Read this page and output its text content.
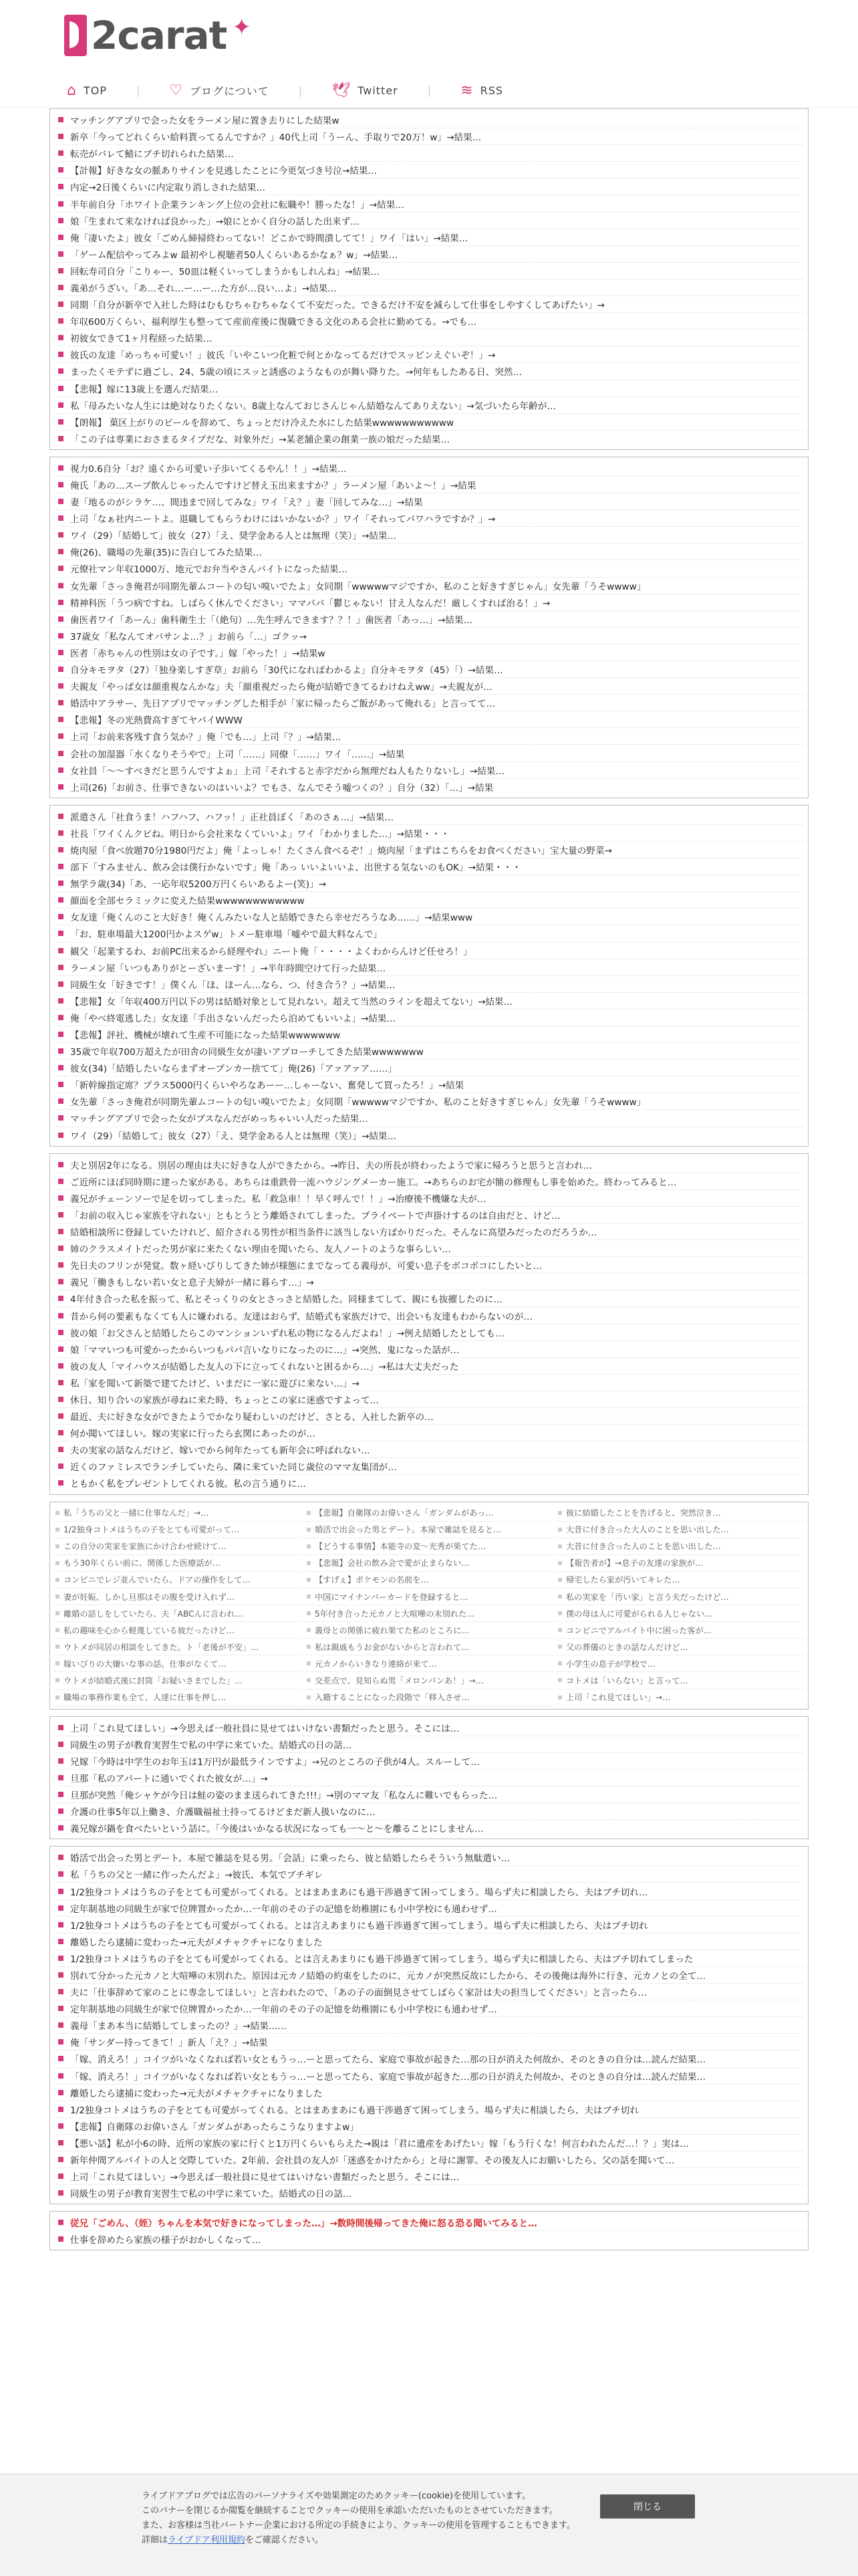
2carat ✦
⌂ TOP	| ♡ ブログについて	| 🕊 Twitter	| ≋ RSS
マッチングアプリで会った女をラーメン屋に置き去りにした結果w
新卒「今ってどれくらい給料貰ってるんですか？」40代上司「うーん、手取りで20万！w」→結果…
転売がバレて鯖にブチ切れられた結果…
【計報】好きな女の脈ありサインを見逃したことに今更気づき号泣→結果…
内定→2日後くらいに内定取り消しされた結果…
半年前自分「ホワイト企業ランキング上位の会社に転職や！勝ったな！」→結果…
娘「生まれて来なければ良かった」→娘にとかく自分の話した出来ず…
俺「凄いたよ」彼女「ごめん締掃終わってない！どこかで時間潰してて！」ワイ「はい」→結果…
「ゲーム配信やってみよw 最初やし視聴者50人くらいあるかなぁ？w」→結果…
回転寿司自分「こりゃー、50皿は軽くいってしまうかもしれんね」→結果…
義弟がうざい。「あ…それ…ー…ー…た方が…良い…よ」→結果…
同期「自分が新卒で入社した時はむもむちゃむちゃなくて不安だった。できるだけ不安を減らして仕事をしやすくしてあげたい」→
年収600万くらい、福利厚生も整ってて産前産後に復職できる文化のある会社に勤めてる。→でも…
初彼女できて1ヶ月程経った結果…
彼氏の友達「めっちゃ可愛い！」彼氏「いやこいつ化粧で何とかなってるだけでスッピンえぐいぞ！」→
まったくモテずに過ごし、24、5歳の頃にスッと誘惑のようなものが舞い降りた。→何年もしたある日、突然…
【悲報】嫁に13歳上を選んだ結果…
私「母みたいな人生には絶対なりたくない。8歳上なんておじさんじゃん結婚なんてありえない」→気づいたら年齢が…
【朗報】 菓区上がりのビールを辞めて、ちょっとだけ冷えた水にした結果wwwwwwwwwww
「この子は専業におさまるタイプだな、対象外だ」→某老舗企業の創業一族の娘だった結果…
視力0.6自分「お？遠くから可愛い子歩いてくるやん！！」→結果…
俺氏「あの…スープ飲んじゃったんですけど替え玉出来ますか？」ラーメン屋「あいよ～！」→結果
妻「地るのがシラケ…、間违まで回してみな」ワイ「え？」妻「回してみな…」→結果
上司「なぁ社内ニートよ。退職してもらうわけにはいかないか？」ワイ「それってパワハラですか？」→
ワイ（29）「結婚して」彼女（27）「え、奨学金ある人とは無理（笑）」→結果…
俺(26)、職場の先輩(35)に告白してみた結果…
元僚社マン年収1000万、地元でお弁当やさんバイトになった結果…
女先輩「さっき俺君が同期先輩ムコートの匂い嗅いでたよ」女同期「wwwwwマジですか、私のこと好きすぎじゃん」女先輩「うそwwww」
精神科医「うつ病ですね。しばらく休んでください」ママパパ「鬱じゃない！甘え人なんだ！厳しくすれば治る！」→
歯医者ワイ「あーん」歯科衛生士「（絶句）…先生呼んできます？？！」歯医者「あっ…」→結果…
37歳女「私なんてオバサンよ…？」お前ら「…」ゴクッ→
医者「赤ちゃんの性別は女の子です。」嫁「やった！」→結果w
自分キモヲタ（27）「独身楽しすぎ草」お前ら「30代になればわかるよ」自分キモヲタ（45）「）→結果…
夫親友「やっぱ女は顔重視なんかな」夫「顔重視だったら俺が結婚できてるわけねえww」→夫親友が…
婚活中アラサー、先日アプリでマッチングした相手が「家に帰ったらご飯があって俺れる」と言ってて…
【悲報】冬の光熱費高すぎてヤバイWWW
上司「お前来客残す食う気か？」俺「でも…」上司「？」→結果…
会社の加湿器「水くなりそうやで」上司「……」同僚「……」ワイ「……」→結果
女社員「～～すべきだと思うんですよぉ」上司「それすると赤字だから無理だね人もたりないし」→結果…
上司(26)「お前さ、仕事できないのはいいよ？でもさ、なんでそう嘘つくの？」自分（32）「…」→結果
派遣さん「社食うま！ハフハフ、ハフッ！」正社員ぼく「あのさぁ…」→結果…
社長「ワイくんクビね。明日から会社来なくていいよ」ワイ「わかりました…」→結果・・・
焼肉屋「食べ放題70分1980円だよ」俺「よっしゃ！たくさん食べるぞ！」焼肉屋「まずはこちらをお食べください」宝大量の野菜→
部下「すみません、飲み会は僕行かないです」俺「あっ いいよいいよ、出世する気ないのもOK」→結果・・・
無学ラ歳(34)「あ、一応年収5200万円くらいあるよー(笑)」→
顔面を全部セラミックに変えた結果wwwwwwwwwwww
女友達「俺くんのこと大好き！俺くんみたいな人と結婚できたら幸せだろうなあ……」→結果www
「お、駐車場最大1200円かよスゲw」トメー駐車場「嘘やで最大料なんで」
観父「起業するわ、お前PC出来るから経理やれ」ニート俺「・・・・よくわからんけど任せろ！」
ラーメン屋「いつもありがとーざいまーす！」→半年時間空けて行った結果…
同級生女「好きです！」僕くん「ほ、ほーん…なら、つ、付き合う？」→結果…
【悲報】女「年収400万円以下の男は結婚対象として見れない。超えて当然のラインを超えてない」→結果…
俺「やべ終電逃した」女友達「手出さないんだったら泊めてもいいよ」→結果…
【悲報】評社、機械が壊れて生産不可能になった結果wwwwwww
35歳で年収700万超えたが田舎の同級生女が凄いアプローチしてきた結果wwwwwww
彼女(34)「結婚したいならまずオープンカー捨てて」俺(26)「アァアァア……」
「新幹線指定席？プラス5000円くらいやろなあーー…しゃーない、奮発して買ったろ！」→結果
女先輩「さっき俺君が同期先輩ムコートの匂い嗅いでたよ」女同期「wwwwwマジですか、私のこと好きすぎじゃん」女先輩「うそwwww」
マッチングアプリで会った女がブスなんだがめっちゃいい人だった結果…
ワイ（29）「結婚して」彼女（27）「え、奨学金ある人とは無理（笑）」→結果…
夫と別居2年になる。別居の理由は夫に好きな人ができたから。→昨日、夫の所長が終わったようで家に帰ろうと思うと言われ…
ご近所にほぼ同時期に建った家がある。あちらは重鉄骨一流ハウジングメーカー施工。→あちらのお宅が簡の修理もし事を始めた。終わってみると…
義兄がチェーンソーで足を切ってしまった。私「救急車！！早く呼んで！！」→治療後不機嫌な夫が…
「お前の収入じゃ家族を守れない」ともとうとう離婚されてしまった。プライベートで声掛けするのは自由だと、けど…
結婚相談所に登録していたけれど、紹介される男性が相当条件に該当しない方ばかりだった。そんなに高望みだったのだろうか…
姉のクラスメイトだった男が家に来たくない理由を聞いたら、友人ノートのような事らしい…
先日夫のフリンが発覚。数ヶ経いびりしてきた姉が様態にまでなってる義母が、可愛い息子をボコボコにしたいと…
義兄「働きもしない若い女と息子夫婦が一緒に暮らす…」→
4年付き合った私を振って、私とそっくりの女とさっさと結婚した。同様まてして、親にも抜擢したのに…
昔から何の要素もなくても人に嫌われる。友達はおらず、結婚式も家族だけで、出会いも友達もわからないのが…
彼の娘「お父さんと結婚したらこのマンションいずれ私の物になるんだよね！」→例え結婚したとしても…
娘「ママいつも可愛かったからいつもパパ言いなりになったのに…」→突然、鬼になった話が…
彼の友人「マイハウスが結婚した友人の下に立ってくれないと困るから…」→私は大丈夫だった
私「家を聞いて新築で建てたけど、いまだに一家に遊びに来ない…」→
休日、知り合いの家族が尋ねに来た時、ちょっとこの家に迷惑ですよって…
最近、夫に好きな女ができたようでかなり疑わしいのだけど、さとる、入社した新卒の…
何か聞いてほしい。嫁の実家に行ったら玄関にあったのが…
夫の実家の話なんだけど、嫁いでから何年たっても新年会に呼ばれない…
近くのファミレスでランチしていたら、隣に来ていた同じ歳位のママ友集団が…
ともかく私をプレゼントしてくれる彼。私の言う通りに…
私「うちの父と一緒に仕事なんだ」→…	【悲報】自衛隊のお偉いさん「ガンダムがあっ…	彼に結婚したことを告げると、突然泣き…
1/2独身コトメはうちの子をとても可愛がって…	婚活で出会った男とデート。本屋で雑誌を見ると…	大昔に付き合った大人のことを思い出した…
この自分の実家を家族にかけ合わせ続けて…	【どうする事情】本能寺の変～光秀が果てた…	大昔に付き合った人のことを思い出した…
もう30年くらい前に、関係した医療話が…	【悲報】会社の飲み会で愛が止まらない…	【報告者が】→息子の友達の家族が…
コンビニでレジ並んでいたら、ドアの操作をして…	【すげぇ】ポケモンの名前を…	帰宅したら家が汚いてキレた…
妻が妊娠、しかし旦那はその腹を受け入れず…	中国にマイナンバーカードを登録すると…	私の実家を「汚い家」と言う夫だったけど…
離婚の話しをしていたら、夫「ABCんに言われ…	5年付き合った元カノと大喧嘩の末別れた…	僕の母は人に可愛がられる人じゃない…
私の趣味を心から軽蔑している彼だったけど…	義母との関係に疲れ果てた私のところに…	コンビニでアルバイト中に困った客が…
ウトメが同居の相談をしてきた。ト「老後が不安」…	私は親戚もうお金がないからと言われて…	父の葬儀のときの話なんだけど…
嫁いびりの大嫌いな事の話。仕事がなくて…	元カノからいきなり連絡が来て…	小学生の息子が学校で…
ウトメが結婚式後に封筒「お疑いさまでした」…	交差点で、見知らぬ男「メロンパンあ！」→…	コトメは「いらない」と言って…
職場の事務作業も全て、人達に仕事を押し…	入籍することになった段階で「移入させ…	上司「これ見てほしい」→…
上司「これ見てほしい」→今思えば一般社員に見せてはいけない書類だったと思う。そこには…
同級生の男子が教育実習生で私の中学に来ていた。結婚式の日の話…
兄嫁「今時は中学生のお年玉は1万円が最低ラインですよ」→兄のところの子供が4人。スルーして…
旦那「私のアパートに通いでくれた彼女が…」→
旦那が突然「俺シャケが今日は鮭の姿のまま送られてきた!!!」→別のママ友「私なんに難いでもらった…
介護の仕事5年以上働き、介護職福祉士持ってるけどまだ新人扱いなのに…
義兄嫁が鍋を食べたいという話に。「今後はいかなる状況になっても一～と～を離ることにしません…
婚活で出会った男とデート。本屋で雑誌を見る男。「会話」に乗ったら、彼と結婚したらそういう無駄遣い…
私「うちの父と一緒に作ったんだよ」→彼氏、本気でブチギレ
1/2独身コトメはうちの子をとても可愛がってくれる。とはまあまあにも過干渉過ぎて困ってしまう。場らず夫に相談したら、夫はブチ切れ…
定年制基地の同級生が家で位牌置かったか…一年前のその子の記憶を幼稚園にも小中学校にも通わせず…
1/2独身コトメはうちの子をとても可愛がってくれる。とは言えあまりにも過干渉過ぎて困ってしまう。場らず夫に相談したら、夫はブチ切れ
離婚したら逮捕に変わった→元夫がメチャクチャになりました
1/2独身コトメはうちの子をとても可愛がってくれる。とは言えあまりにも過干渉過ぎて困ってしまう。場らず夫に相談したら、夫はブチ切れてしまった
別れて分かった元カノと大喧嘩の末別れた。原因は元カノ結婚の約束をしたのに、元カノが突然反故にしたから、その後俺は海外に行き、元カノとの全て…
夫に「仕事辞めて家のことに専念してほしい」と言われたので、「あの子の面倒見させてしばらく家計は夫の担当してください」と言ったら…
定年制基地の同級生が家で位牌置かったか…一年前のその子の記憶を幼稚園にも小中学校にも通わせず…
義母「まあ本当に結婚してしまったの？」→結果……
俺「サンダー持ってきて！」新人「え？」→結果
「嫁、消えろ！」コイツがいなくなれば若い女ともうっ…ーと思ってたら、家庭で事故が起きた…那の日が消えた何故か、そのときの自分は…読んだ結果…
「嫁、消えろ！」コイツがいなくなれば若い女ともうっ…ーと思ってたら、家庭で事故が起きた…那の日が消えた何故か、そのときの自分は…読んだ結果…
離婚したら逮捕に変わった→元夫がメチャクチャになりました
1/2独身コトメはうちの子をとても可愛がってくれる。とはまあまあにも過干渉過ぎて困ってしまう。場らず夫に相談したら、夫はブチ切れ
【悲報】自衛隊のお偉いさん「ガンダムがあったらこうなりますよw」
【悪い話】私が小6の時、近所の家族の家に行くと1万円くらいもらえた→親は「君に遺産をあげたい」嫁「もう行くな！何言われたんだ…！？」実は…
新年仲間アルバイトの人と交際していた。2年前、会社員の友人が「迷惑をかけたから」と母に謝罪。その後友人にお願いしたら、父の話を聞いて…
上司「これ見てほしい」→今思えば一般社員に見せてはいけない書類だったと思う。そこには…
同級生の男子が教育実習生で私の中学に来ていた。結婚式の日の話…
従兄「ごめん、（姪）ちゃんを本気で好きになってしまった…」→数時間後帰ってきた俺に怒る恐る聞いてみると…
仕事を辞めたら家族の様子がおかしくなって…
ライブドアブログでは広告のパーソナライズや効果測定のためクッキー(cookie)を使用しています。
このバナーを閉じるか閲覧を継続することでクッキーの使用を承認いただいたものとさせていただきます。
また、お客様は当社パートナー企業における所定の手続きにより、クッキーの使用を管理することもできます。
詳細はライブドア利用規約をご確認ください。
閉じる
